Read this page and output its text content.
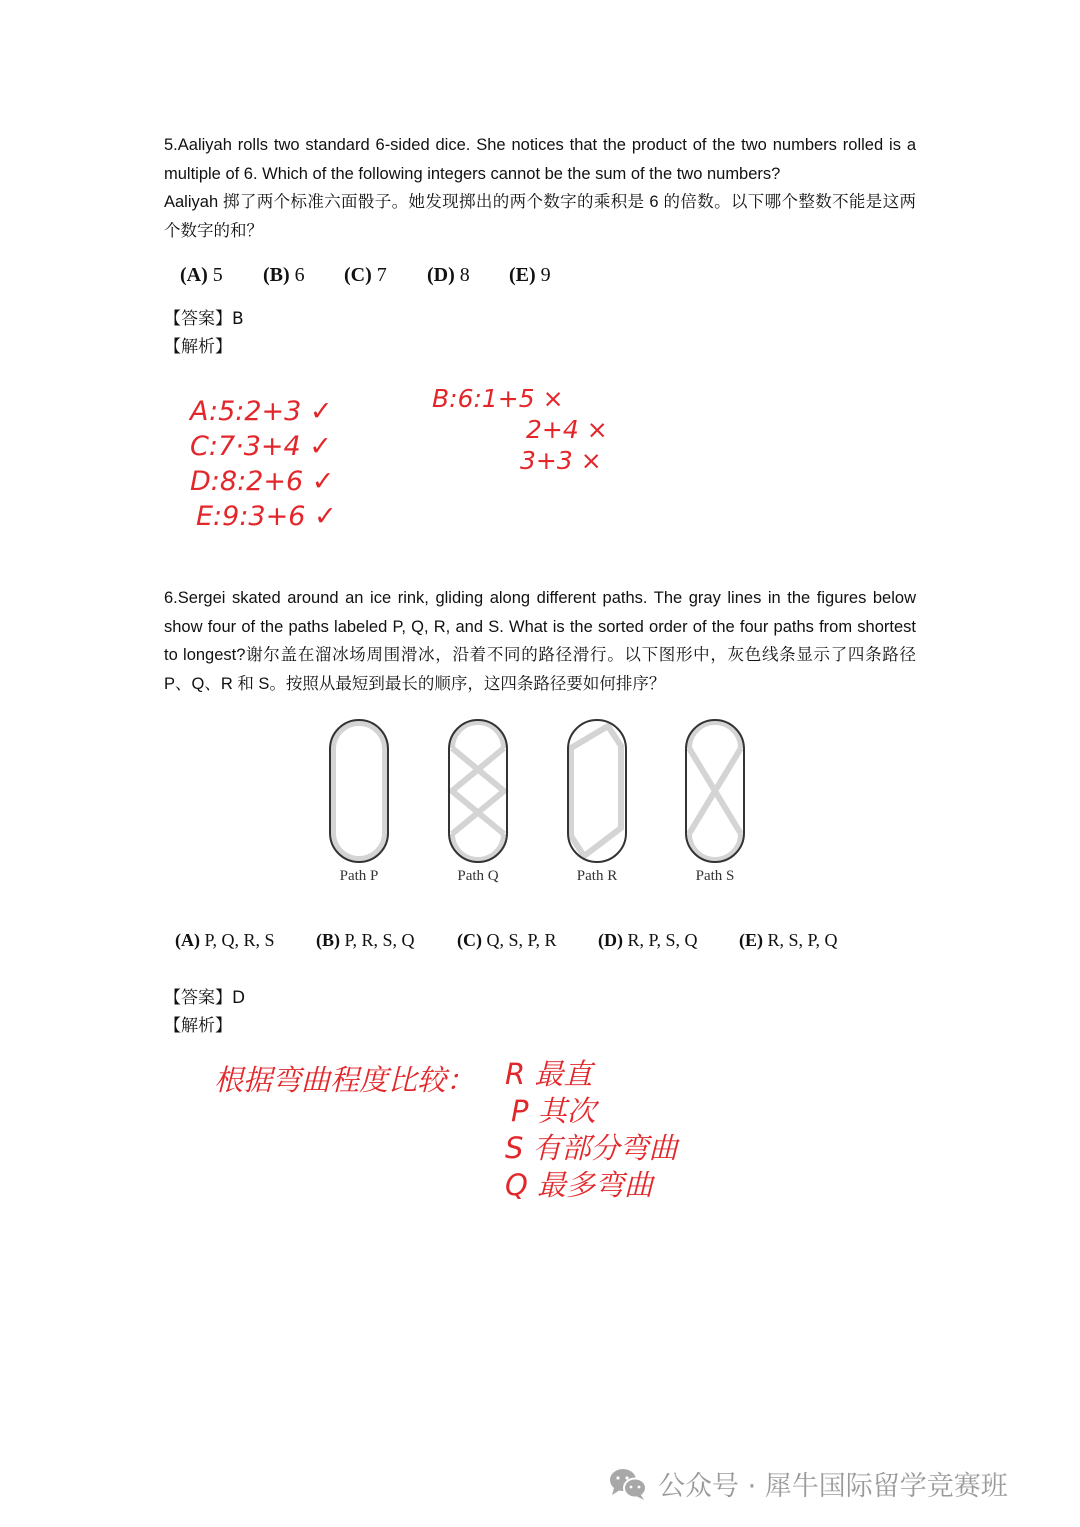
5.Aaliyah rolls two standard 6-sided dice. She notices that the product of the two numbers rolled is a multiple of 6. Which of the following integers cannot be the sum of the two numbers?
Aaliyah 掷了两个标准六面骰子。她发现掷出的两个数字的乘积是 6 的倍数。以下哪个整数不能是这两个数字的和？
(A) 5	(B) 6	(C) 7	(D) 8	(E) 9
【答案】B
【解析】
A:5:2+3 ✓
C:7·3+4 ✓
D:8:2+6 ✓
E:9:3+6 ✓
B:6:1+5 ×
2+4 ×
3+3 ×
6.Sergei skated around an ice rink, gliding along different paths. The gray lines in the figures below show four of the paths labeled P, Q, R, and S. What is the sorted order of the four paths from shortest to longest?谢尔盖在溜冰场周围滑冰，沿着不同的路径滑行。以下图形中，灰色线条显示了四条路径 P、Q、R 和 S。按照从最短到最长的顺序，这四条路径要如何排序？
Path P	Path Q	Path R	Path S
(A) P, Q, R, S	(B) P, R, S, Q	(C) Q, S, P, R	(D) R, P, S, Q	(E) R, S, P, Q
【答案】D
【解析】
根据弯曲程度比较： R 最直
P 其次
S 有部分弯曲
Q 最多弯曲
公众号 · 犀牛国际留学竞赛班
